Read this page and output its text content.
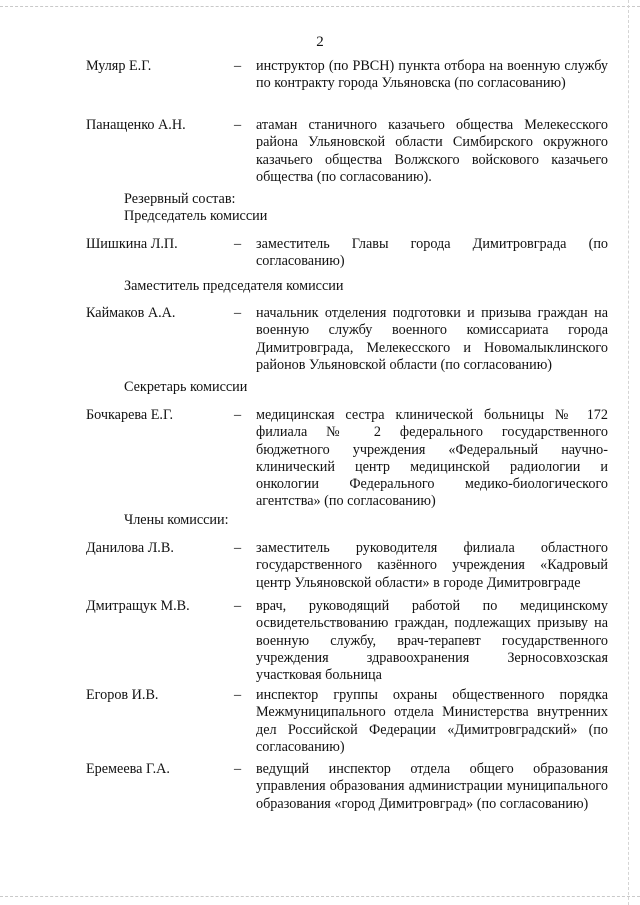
2
Муляр Е.Г.	– инструктор (по РВСН) пункта отбора на военную службу по контракту города Ульяновска (по согласованию)
Панащенко А.Н.	– атаман станичного казачьего общества Мелекесского района Ульяновской области Симбирского окружного казачьего общества Волжского войскового казачьего общества (по согласованию).
Резервный состав:
Председатель комиссии
Шишкина Л.П.	– заместитель Главы города Димитровграда (по согласованию)
Заместитель председателя комиссии
Каймаков А.А.	– начальник отделения подготовки и призыва граждан на военную службу военного комиссариата города Димитровграда, Мелекесского и Новомалыклинского районов Ульяновской области (по согласованию)
Секретарь комиссии
Бочкарева Е.Г.	– медицинская сестра клинической больницы № 172 филиала № 2 федерального государственного бюджетного учреждения «Федеральный научно-клинический центр медицинской радиологии и онкологии Федерального медико-биологического агентства» (по согласованию)
Члены комиссии:
Данилова Л.В.	– заместитель руководителя филиала областного государственного казённого учреждения «Кадровый центр Ульяновской области» в городе Димитровграде
Дмитращук М.В.	– врач, руководящий работой по медицинскому освидетельствованию граждан, подлежащих призыву на военную службу, врач-терапевт государственного учреждения здравоохранения Зерносовхозская участковая больница
Егоров И.В.	– инспектор группы охраны общественного порядка Межмуниципального отдела Министерства внутренних дел Российской Федерации «Димитровградский» (по согласованию)
Еремеева Г.А.	– ведущий инспектор отдела общего образования управления образования администрации муниципального образования «город Димитровград» (по согласованию)
